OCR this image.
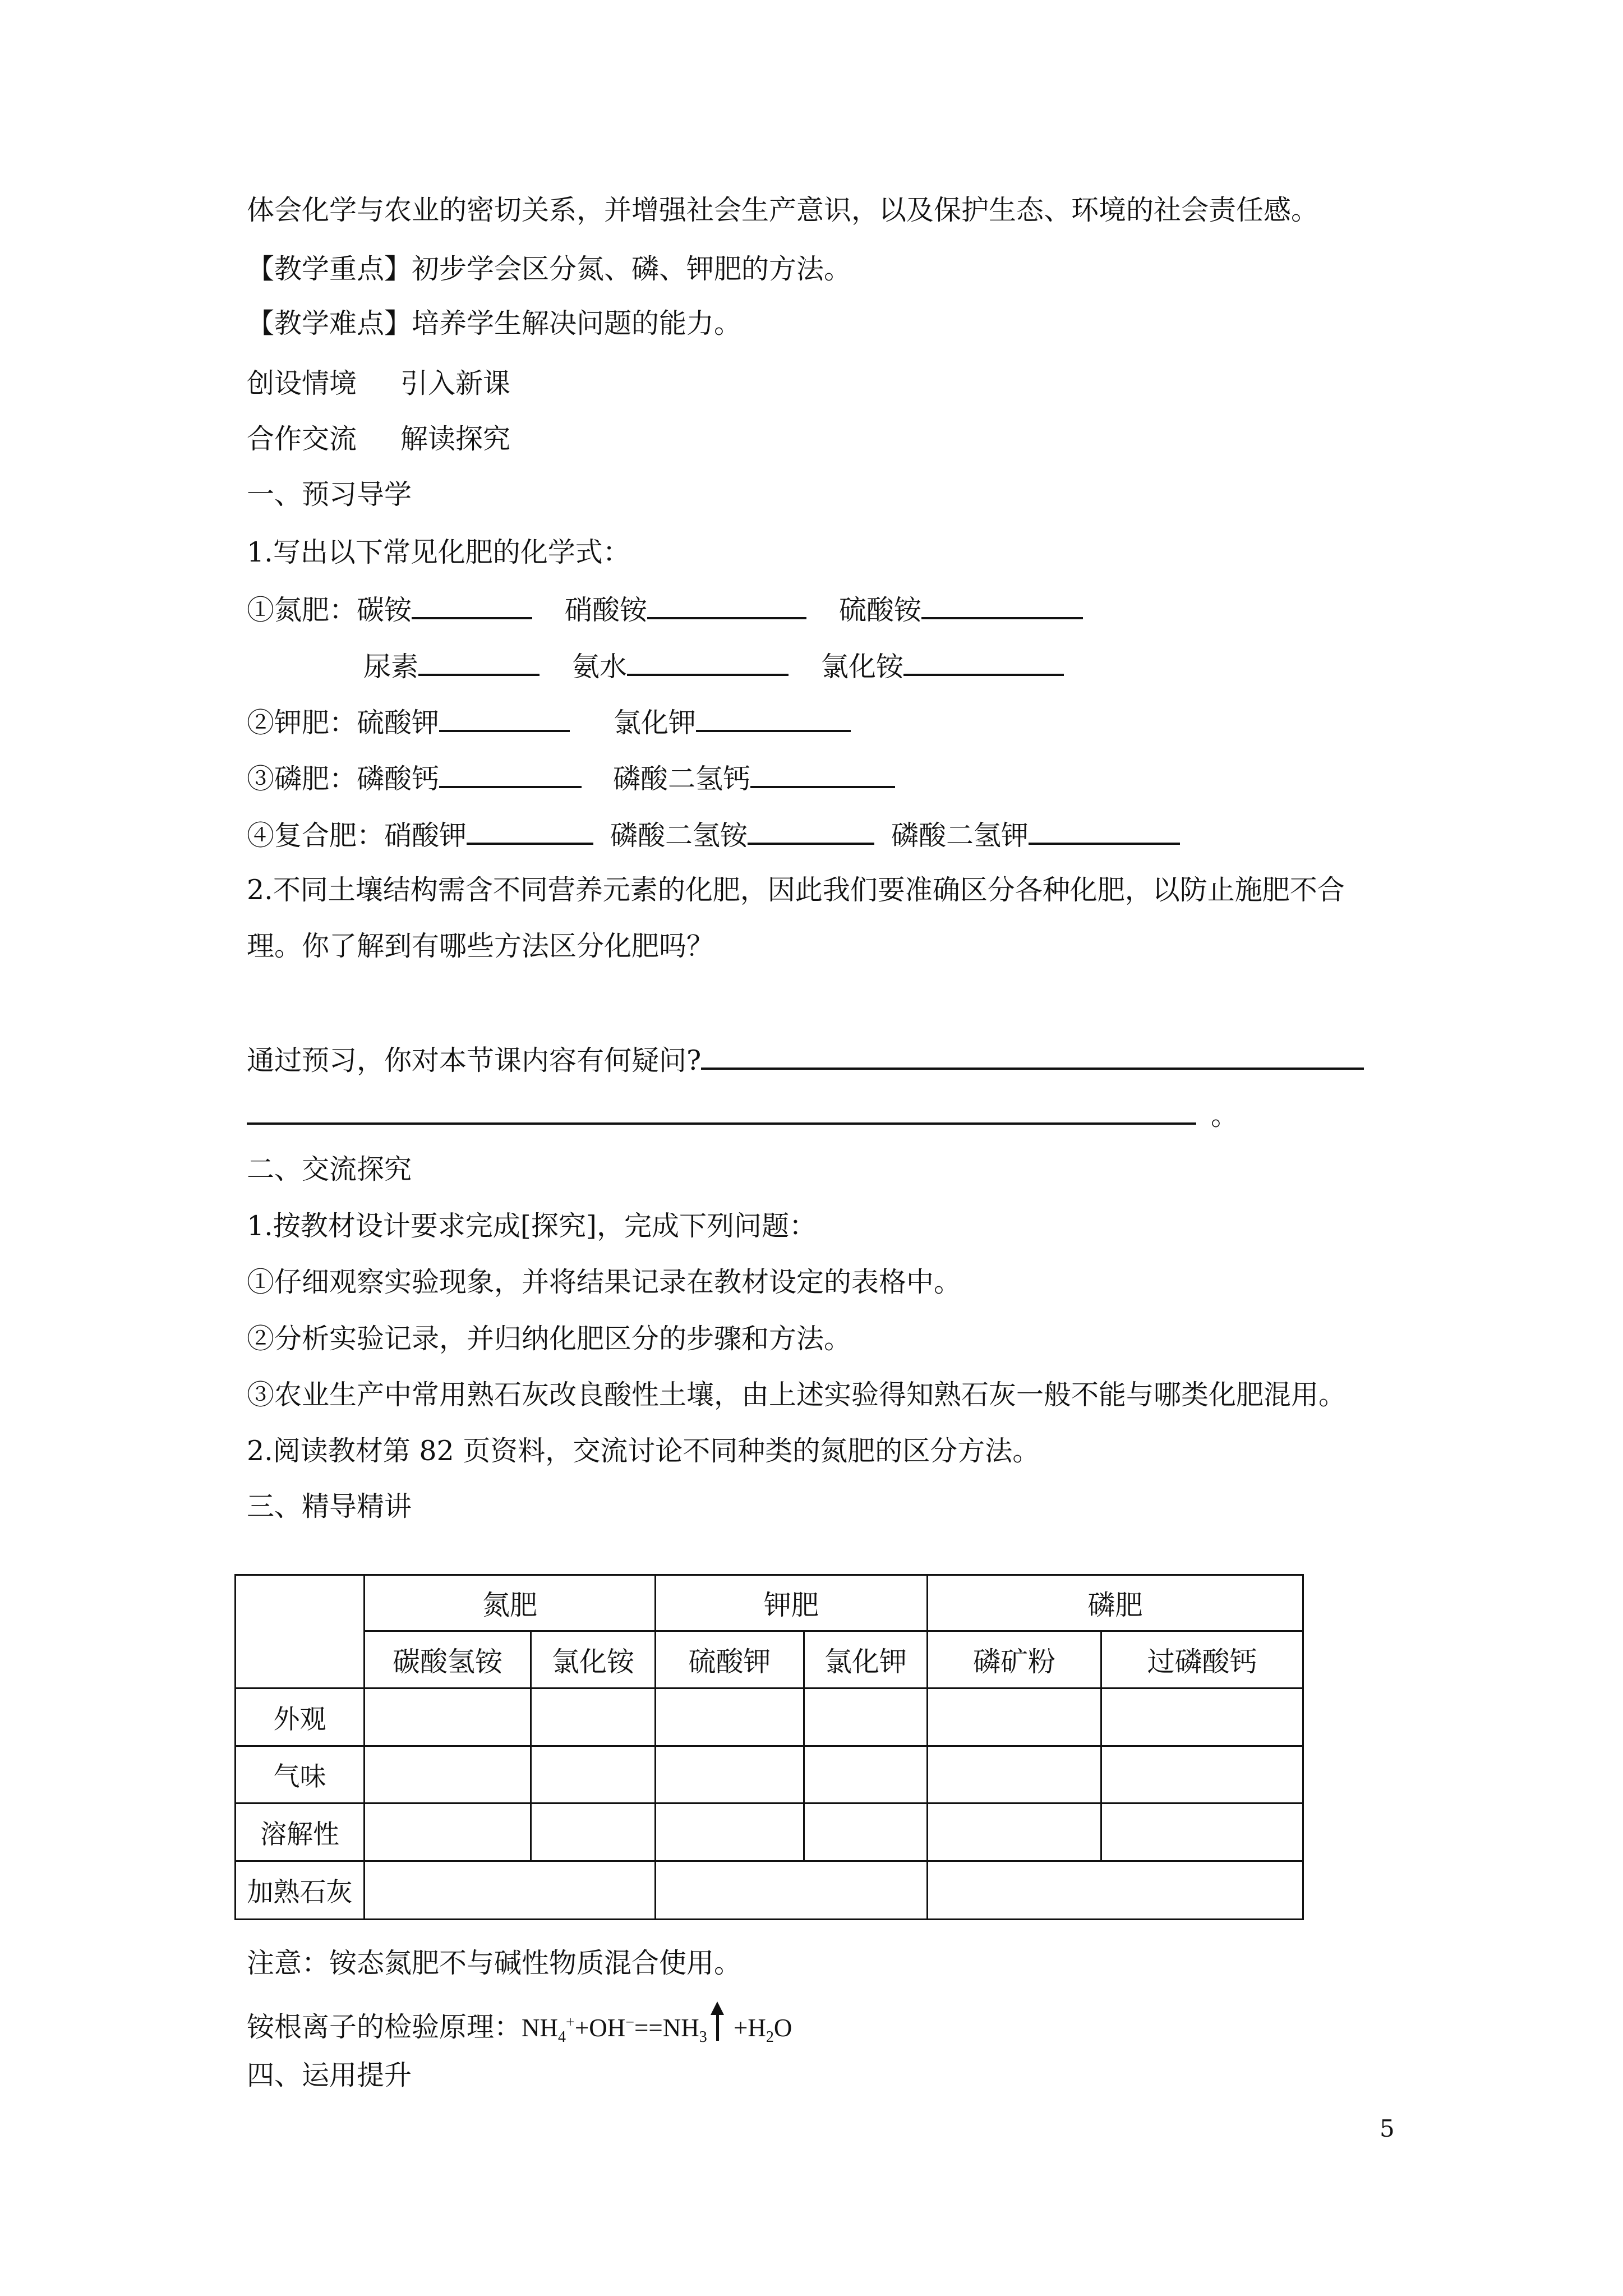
体会化学与农业的密切关系，并增强社会生产意识，以及保护生态、环境的社会责任感。
【教学重点】初步学会区分氮、磷、钾肥的方法。
【教学难点】培养学生解决问题的能力。
创设情境 引入新课
合作交流 解读探究
一、预习导学
1.写出以下常见化肥的化学式：
①氮肥：碳铵	硝酸铵	硫酸铵
尿素	氨水	氯化铵
②钾肥：硫酸钾	氯化钾
③磷肥：磷酸钙	磷酸二氢钙
④复合肥：硝酸钾	磷酸二氢铵	磷酸二氢钾
2.不同土壤结构需含不同营养元素的化肥，因此我们要准确区分各种化肥，以防止施肥不合
理。你了解到有哪些方法区分化肥吗？
通过预习，你对本节课内容有何疑问?
。
二、交流探究
1.按教材设计要求完成[探究]，完成下列问题：
①仔细观察实验现象，并将结果记录在教材设定的表格中。
②分析实验记录，并归纳化肥区分的步骤和方法。
③农业生产中常用熟石灰改良酸性土壤，由上述实验得知熟石灰一般不能与哪类化肥混用。
2.阅读教材第 82 页资料，交流讨论不同种类的氮肥的区分方法。
三、精导精讲
	氮肥		钾肥		磷肥	
	碳酸氢铵	氯化铵	硫酸钾	氯化钾	磷矿粉	过磷酸钙
外观						
气味						
溶解性						
加熟石灰						
注意：铵态氮肥不与碱性物质混合使用。
铵根离子的检验原理：$NH_4^++OH^-==NH_3$
$+H_2O$
四、运用提升
5
